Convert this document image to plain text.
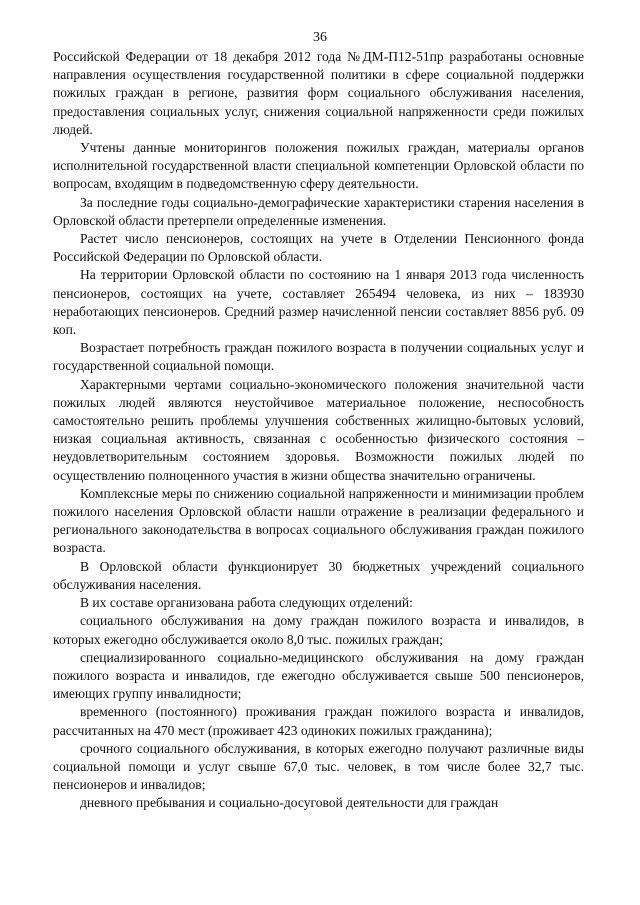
36

Российской Федерации от 18 декабря 2012 года №ДМ-П12-51пр разработаны основные направления осуществления государственной политики в сфере социальной поддержки пожилых граждан в регионе, развития форм социального обслуживания населения, предоставления социальных услуг, снижения социальной напряженности среди пожилых людей.

Учтены данные мониторингов положения пожилых граждан, материалы органов исполнительной государственной власти специальной компетенции Орловской области по вопросам, входящим в подведомственную сферу деятельности.

За последние годы социально-демографические характеристики старения населения в Орловской области претерпели определенные изменения.

Растет число пенсионеров, состоящих на учете в Отделении Пенсионного фонда Российской Федерации по Орловской области.

На территории Орловской области по состоянию на 1 января 2013 года численность пенсионеров, состоящих на учете, составляет 265494 человека, из них – 183930 неработающих пенсионеров. Средний размер начисленной пенсии составляет 8856 руб. 09 коп.

Возрастает потребность граждан пожилого возраста в получении социальных услуг и государственной социальной помощи.

Характерными чертами социально-экономического положения значительной части пожилых людей являются неустойчивое материальное положение, неспособность самостоятельно решить проблемы улучшения собственных жилищно-бытовых условий, низкая социальная активность, связанная с особенностью физического состояния – неудовлетворительным состоянием здоровья. Возможности пожилых людей по осуществлению полноценного участия в жизни общества значительно ограничены.

Комплексные меры по снижению социальной напряженности и минимизации проблем пожилого населения Орловской области нашли отражение в реализации федерального и регионального законодательства в вопросах социального обслуживания граждан пожилого возраста.

В Орловской области функционирует 30 бюджетных учреждений социального обслуживания населения.

В их составе организована работа следующих отделений:

социального обслуживания на дому граждан пожилого возраста и инвалидов, в которых ежегодно обслуживается около 8,0 тыс. пожилых граждан;

специализированного социально-медицинского обслуживания на дому граждан пожилого возраста и инвалидов, где ежегодно обслуживается свыше 500 пенсионеров, имеющих группу инвалидности;

временного (постоянного) проживания граждан пожилого возраста и инвалидов, рассчитанных на 470 мест (проживает 423 одиноких пожилых гражданина);

срочного социального обслуживания, в которых ежегодно получают различные виды социальной помощи и услуг свыше 67,0 тыс. человек, в том числе более 32,7 тыс. пенсионеров и инвалидов;

дневного пребывания и социально-досуговой деятельности для граждан
